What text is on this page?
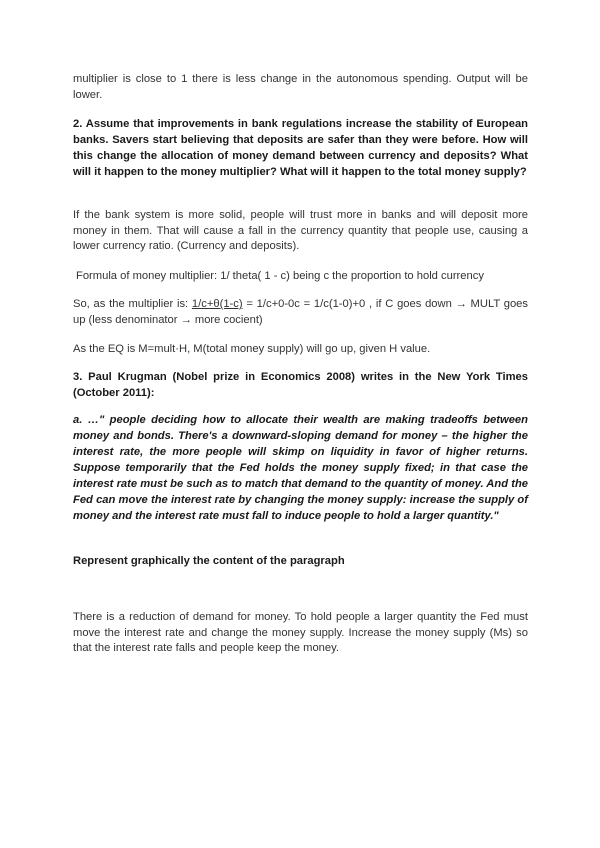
multiplier is close to 1 there is less change in the autonomous spending. Output will be lower.

2. Assume that improvements in bank regulations increase the stability of European banks. Savers start believing that deposits are safer than they were before. How will this change the allocation of money demand between currency and deposits? What will it happen to the money multiplier? What will it happen to the total money supply?

If the bank system is more solid, people will trust more in banks and will deposit more money in them. That will cause a fall in the currency quantity that people use, causing a lower currency ratio. (Currency and deposits).

Formula of money multiplier: 1/ theta( 1 - c) being c the proportion to hold currency

So, as the multiplier is: 1/c+θ(1-c) = 1/c+0-0c = 1/c(1-0)+0 , if C goes down → MULT goes up (less denominator → more cocient)

As the EQ is M=mult·H, M(total money supply) will go up, given H value.

3. Paul Krugman (Nobel prize in Economics 2008) writes in the New York Times (October 2011):

a. …" people deciding how to allocate their wealth are making tradeoffs between money and bonds. There's a downward-sloping demand for money – the higher the interest rate, the more people will skimp on liquidity in favor of higher returns. Suppose temporarily that the Fed holds the money supply fixed; in that case the interest rate must be such as to match that demand to the quantity of money. And the Fed can move the interest rate by changing the money supply: increase the supply of money and the interest rate must fall to induce people to hold a larger quantity."

Represent graphically the content of the paragraph

There is a reduction of demand for money. To hold people a larger quantity the Fed must move the interest rate and change the money supply. Increase the money supply (Ms) so that the interest rate falls and people keep the money.
